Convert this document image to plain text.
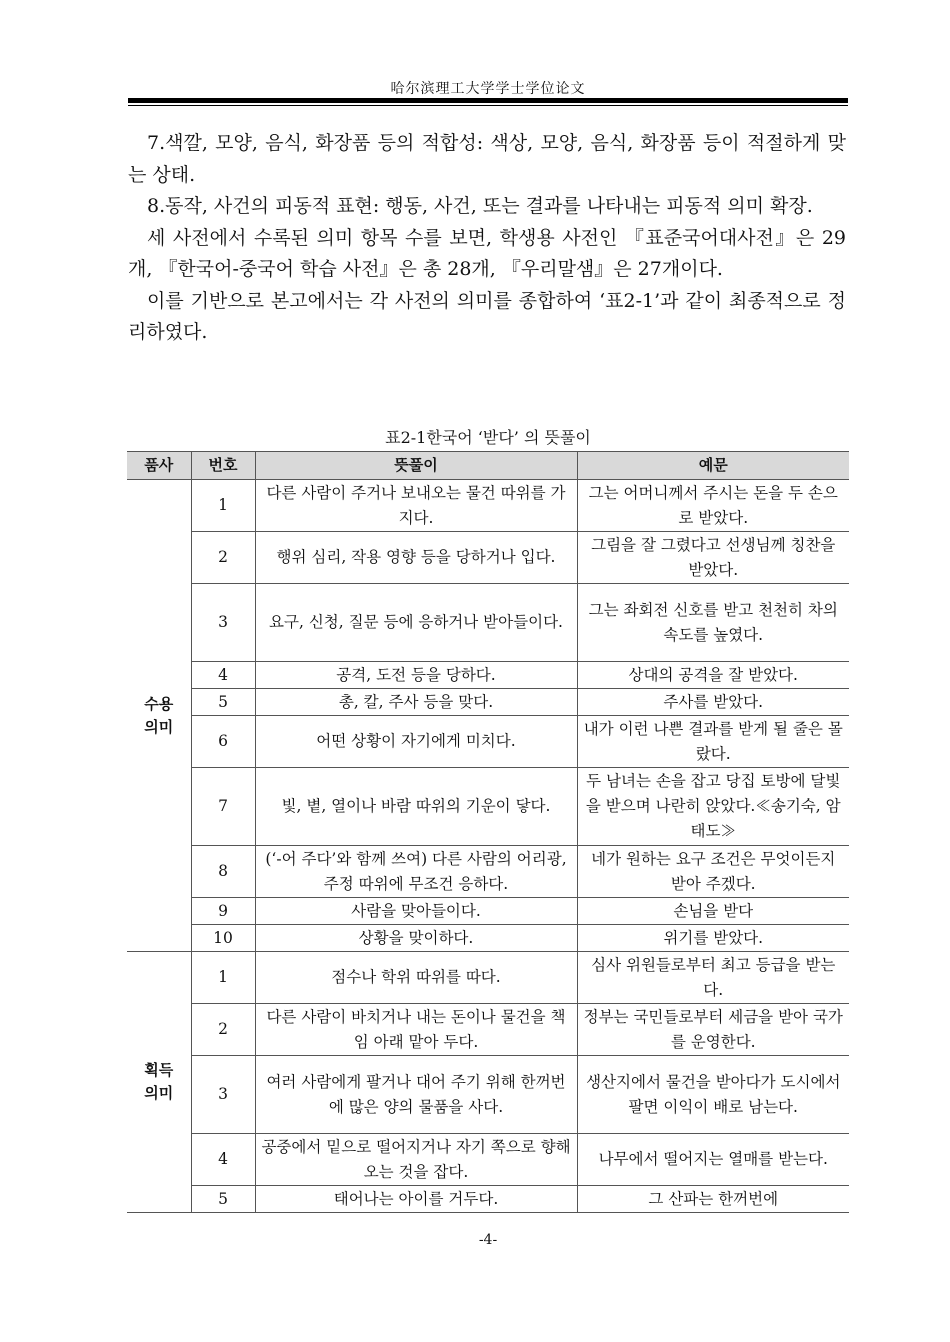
哈尔滨理工大学学士学位论文

7.색깔, 모양, 음식, 화장품 등의 적합성: 색상, 모양, 음식, 화장품 등이 적절하게 맞는 상태.

8.동작, 사건의 피동적 표현: 행동, 사건, 또는 결과를 나타내는 피동적 의미 확장.

세 사전에서 수록된 의미 항목 수를 보면, 학생용 사전인 『표준국어대사전』은 29개, 『한국어-중국어 학습 사전』은 총 28개, 『우리말샘』은 27개이다.

이를 기반으로 본고에서는 각 사전의 의미를 종합하여 ‘표2-1’과 같이 최종적으로 정리하였다.

표2-1한국어 ‘받다’ 의 뜻풀이
품사	번호	뜻풀이	예문

수용
의미	1	다른 사람이 주거나 보내오는 물건 따위를 가지다.	그는 어머니께서 주시는 돈을 두 손으로 받았다.
	2	행위 심리, 작용 영향 등을 당하거나 입다.	그림을 잘 그렸다고 선생님께 칭찬을 받았다.
	3	요구, 신청, 질문 등에 응하거나 받아들이다.	그는 좌회전 신호를 받고 천천히 차의 속도를 높였다.
	4	공격, 도전 등을 당하다.	상대의 공격을 잘 받았다.
	5	총, 칼, 주사 등을 맞다.	주사를 받았다.
	6	어떤 상황이 자기에게 미치다.	내가 이런 나쁜 결과를 받게 될 줄은 몰랐다.
	7	빛, 볕, 열이나 바람 따위의 기운이 닿다.	두 남녀는 손을 잡고 당집 토방에 달빛을 받으며 나란히 앉았다.≪송기숙, 암태도≫
	8	(‘-어 주다’와 함께 쓰여) 다른 사람의 어리광, 주정 따위에 무조건 응하다.	네가 원하는 요구 조건은 무엇이든지 받아 주겠다.
	9	사람을 맞아들이다.	손님을 받다
	10	상황을 맞이하다.	위기를 받았다.

획득
의미	1	점수나 학위 따위를 따다.	심사 위원들로부터 최고 등급을 받는다.
	2	다른 사람이 바치거나 내는 돈이나 물건을 책임 아래 맡아 두다.	정부는 국민들로부터 세금을 받아 국가를 운영한다.
	3	여러 사람에게 팔거나 대어 주기 위해 한꺼번에 많은 양의 물품을 사다.	생산지에서 물건을 받아다가 도시에서 팔면 이익이 배로 남는다.
	4	공중에서 밑으로 떨어지거나 자기 쪽으로 향해 오는 것을 잡다.	나무에서 떨어지는 열매를 받는다.
	5	태어나는 아이를 거두다.	그 산파는 한꺼번에
-4-
